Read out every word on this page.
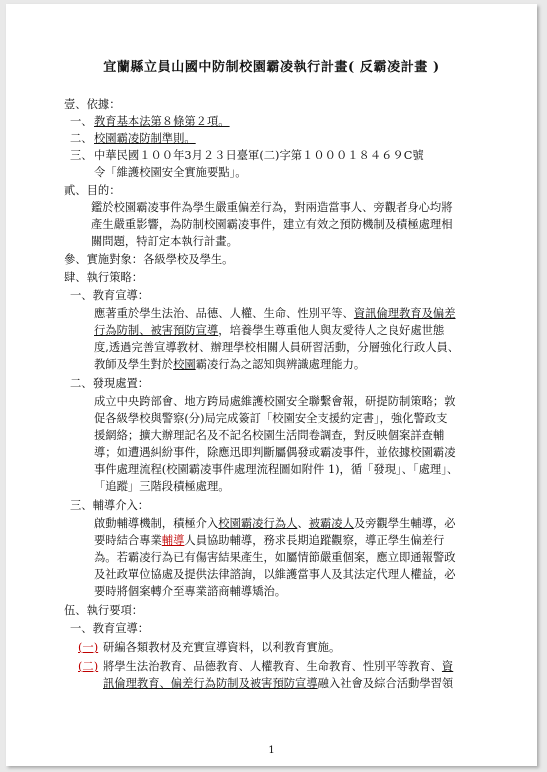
宜蘭縣立員山國中防制校園霸凌執行計畫( 反霸凌計畫 )
壹、依據：
一、 教育基本法第８條第２項。
二、 校園霸凌防制準則。
三、 中華民國１００年3月２３日臺軍(二)字第１０００１８４６９C號
令「維護校園安全實施要點」。
貳、目的：
鑑於校園霸凌事件為學生嚴重偏差行為，對兩造當事人、旁觀者身心均將
產生嚴重影響，為防制校園霸凌事件，建立有效之預防機制及積極處理相
關問題，特訂定本執行計畫。
參、實施對象：各級學校及學生。
肆、執行策略：
一、教育宣導：
應著重於學生法治、品德、人權、生命、性別平等、資訊倫理教育及偏差
行為防制、被害預防宣導，培養學生尊重他人與友愛待人之良好處世態
度,透過完善宣導教材、辦理學校相關人員研習活動，分層強化行政人員、
教師及學生對於校園霸凌行為之認知與辨識處理能力。
二、發現處置：
成立中央跨部會、地方跨局處維護校園安全聯繫會報，研提防制策略；敦
促各級學校與警察(分)局完成簽訂「校園安全支援約定書」，強化警政支
援網絡；擴大辦理記名及不記名校園生活問卷調查，對反映個案詳查輔
導；如遭遇糾紛事件，除應迅即判斷屬偶發或霸凌事件，並依據校園霸凌
事件處理流程(校園霸凌事件處理流程圖如附件 1)，循「發現」、「處理」、
「追蹤」三階段積極處理。
三、輔導介入：
啟動輔導機制，積極介入校園霸凌行為人、被霸凌人及旁觀學生輔導，必
要時結合專業輔導人員協助輔導，務求長期追蹤觀察，導正學生偏差行
為。若霸凌行為已有傷害結果產生，如屬情節嚴重個案，應立即通報警政
及社政單位協處及提供法律諮詢，以維護當事人及其法定代理人權益，必
要時將個案轉介至專業諮商輔導矯治。
伍、執行要項：
一、教育宣導：
(一) 研編各類教材及充實宣導資料，以利教育實施。
(二) 將學生法治教育、品德教育、人權教育、生命教育、性別平等教育、資
訊倫理教育、偏差行為防制及被害預防宣導融入社會及綜合活動學習領
1
